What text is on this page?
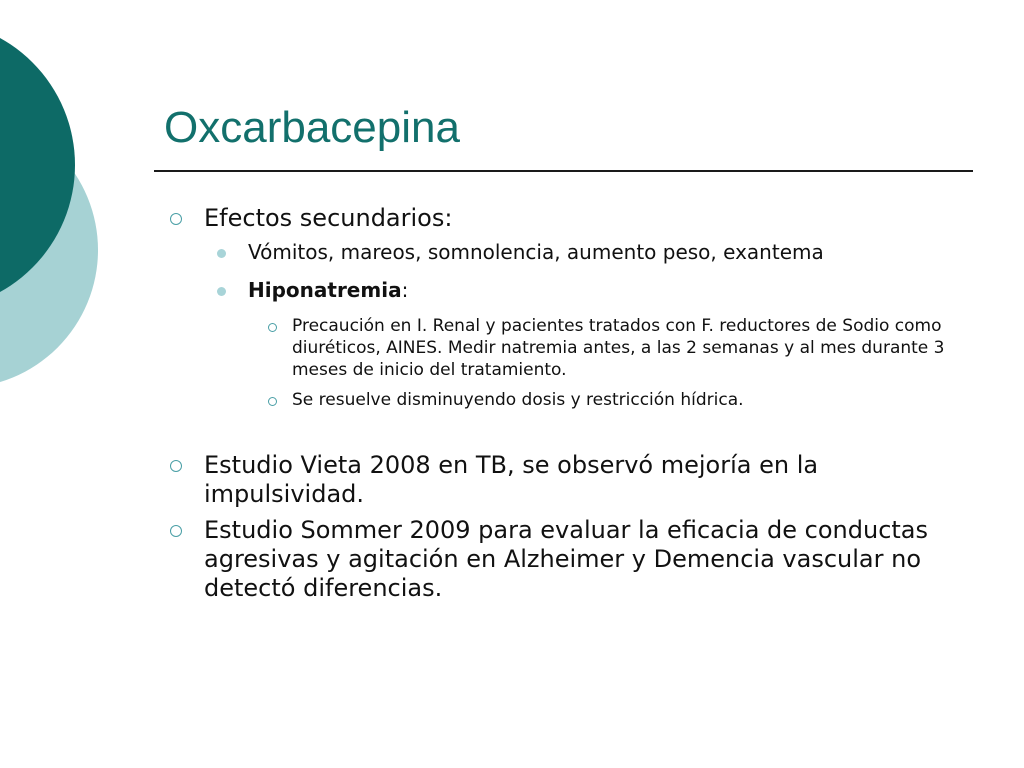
Oxcarbacepina
Efectos secundarios:
Vómitos, mareos, somnolencia, aumento peso, exantema
Hiponatremia:
Precaución en I. Renal y pacientes tratados con F. reductores de Sodio como diuréticos, AINES. Medir natremia antes, a las 2 semanas y al mes durante 3 meses de inicio del tratamiento.
Se resuelve disminuyendo dosis y restricción hídrica.
Estudio Vieta 2008 en TB, se observó mejoría en la impulsividad.
Estudio Sommer 2009 para evaluar la eficacia de conductas agresivas y agitación en Alzheimer y Demencia vascular no detectó diferencias.
